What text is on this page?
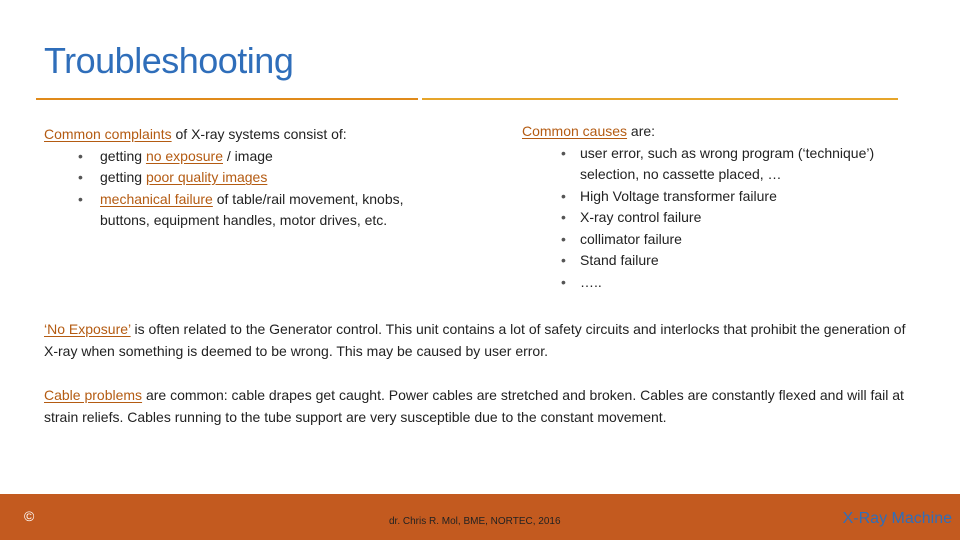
Troubleshooting
Common complaints of X-ray systems consist of:
• getting no exposure / image
• getting poor quality images
• mechanical failure of table/rail movement, knobs, buttons, equipment handles, motor drives, etc.
Common causes are:
• user error, such as wrong program (‘technique’) selection, no cassette placed, …
• High Voltage transformer failure
• X-ray control failure
• collimator failure
• Stand failure
• …..
‘No Exposure’ is often related to the Generator control. This unit contains a lot of safety circuits and interlocks that prohibit the generation of X-ray when something is deemed to be wrong. This may be caused by user error.
Cable problems are common: cable drapes get caught. Power cables are stretched and broken. Cables are constantly flexed and will fail at strain reliefs. Cables running to the tube support are very susceptible due to the constant movement.
©	dr. Chris R. Mol, BME, NORTEC, 2016	X-Ray Machine
